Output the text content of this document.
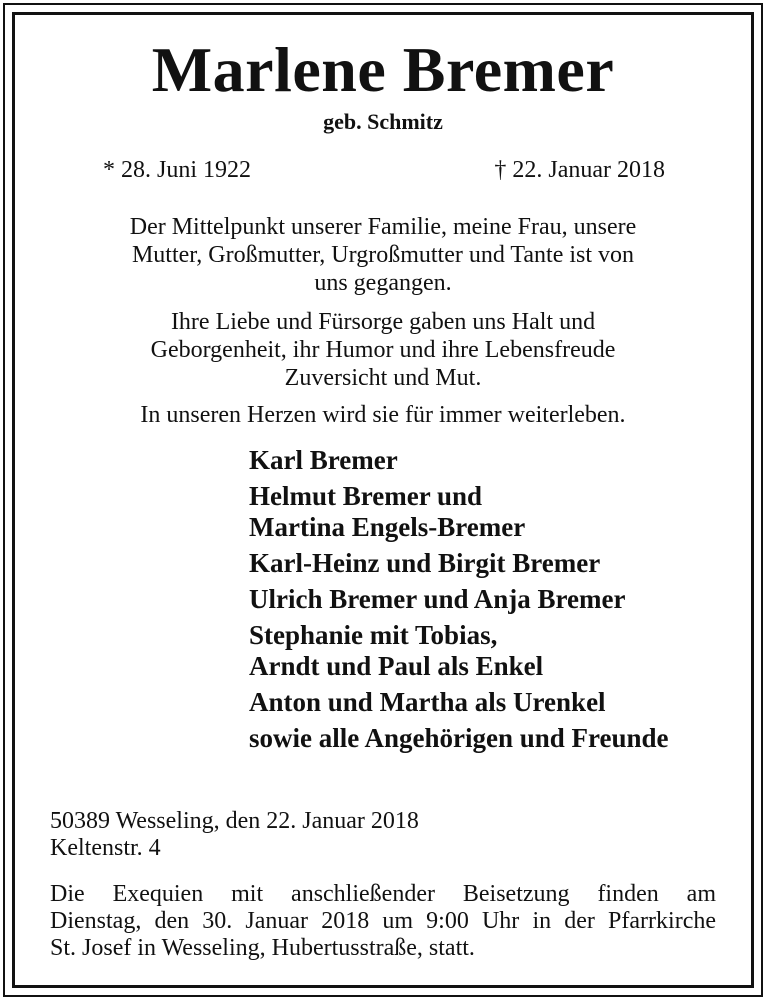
Marlene Bremer
geb. Schmitz
* 28. Juni 1922	† 22. Januar 2018
Der Mittelpunkt unserer Familie, meine Frau, unsere
Mutter, Großmutter, Urgroßmutter und Tante ist von
uns gegangen.
Ihre Liebe und Fürsorge gaben uns Halt und
Geborgenheit, ihr Humor und ihre Lebensfreude
Zuversicht und Mut.
In unseren Herzen wird sie für immer weiterleben.
Karl Bremer
Helmut Bremer und
Martina Engels-Bremer
Karl-Heinz und Birgit Bremer
Ulrich Bremer und Anja Bremer
Stephanie mit Tobias,
Arndt und Paul als Enkel
Anton und Martha als Urenkel
sowie alle Angehörigen und Freunde
50389 Wesseling, den 22. Januar 2018
Keltenstr. 4
Die Exequien mit anschließender Beisetzung finden am
Dienstag, den 30. Januar 2018 um 9:00 Uhr in der Pfarrkirche
St. Josef in Wesseling, Hubertusstraße, statt.
